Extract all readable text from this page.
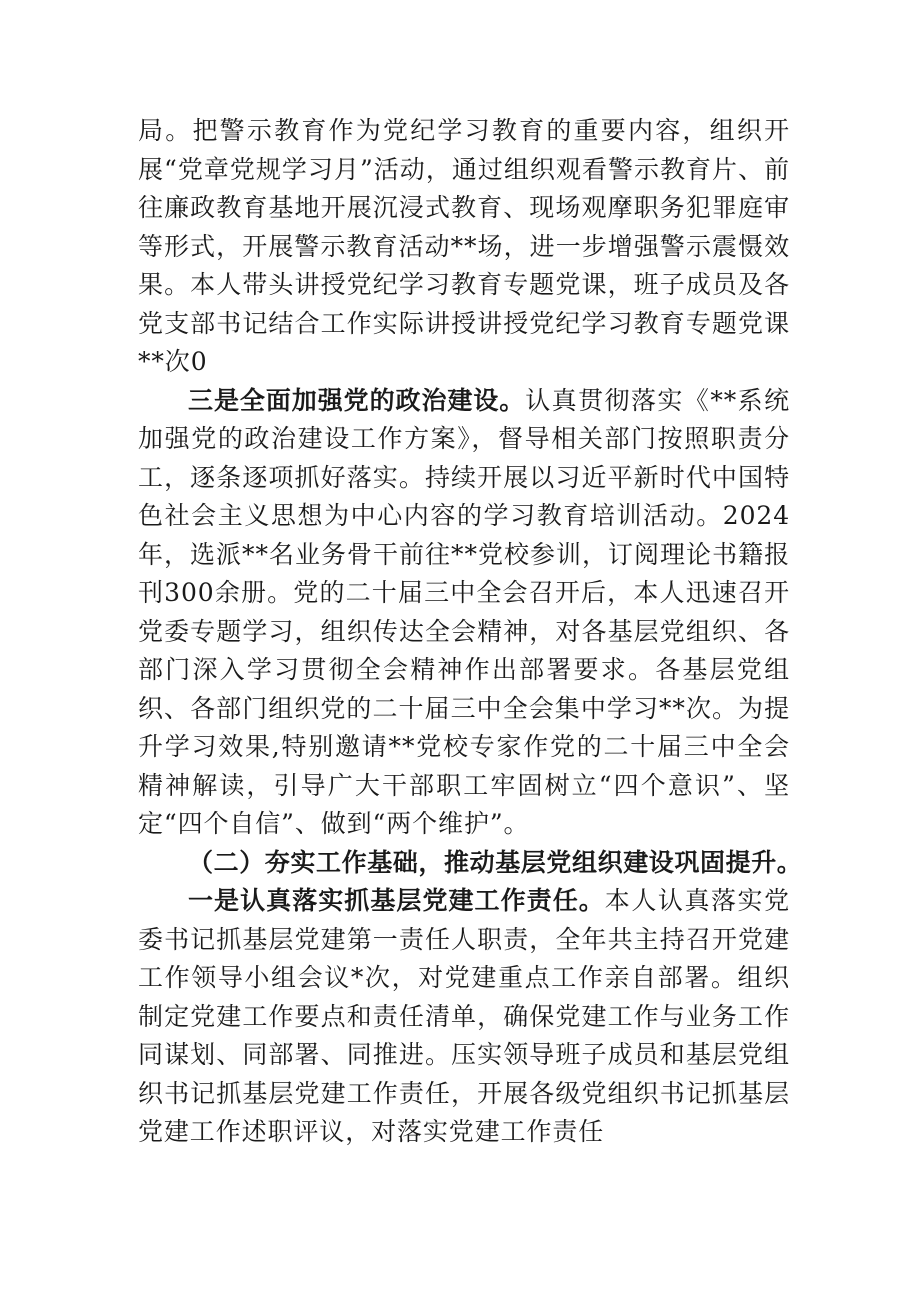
局。把警示教育作为党纪学习教育的重要内容，组织开展“党章党规学习月”活动，通过组织观看警示教育片、前往廉政教育基地开展沉浸式教育、现场观摩职务犯罪庭审等形式，开展警示教育活动**场，进一步增强警示震慑效果。本人带头讲授党纪学习教育专题党课，班子成员及各党支部书记结合工作实际讲授讲授党纪学习教育专题党课**次0

三是全面加强党的政治建设。认真贯彻落实《**系统加强党的政治建设工作方案》，督导相关部门按照职责分工，逐条逐项抓好落实。持续开展以习近平新时代中国特色社会主义思想为中心内容的学习教育培训活动。2024年，选派**名业务骨干前往**党校参训，订阅理论书籍报刊300余册。党的二十届三中全会召开后，本人迅速召开党委专题学习，组织传达全会精神，对各基层党组织、各部门深入学习贯彻全会精神作出部署要求。各基层党组织、各部门组织党的二十届三中全会集中学习**次。为提升学习效果,特别邀请**党校专家作党的二十届三中全会精神解读，引导广大干部职工牢固树立“四个意识”、坚定“四个自信”、做到“两个维护”。

（二）夯实工作基础，推动基层党组织建设巩固提升。

一是认真落实抓基层党建工作责任。本人认真落实党委书记抓基层党建第一责任人职责，全年共主持召开党建工作领导小组会议*次，对党建重点工作亲自部署。组织制定党建工作要点和责任清单，确保党建工作与业务工作同谋划、同部署、同推进。压实领导班子成员和基层党组织书记抓基层党建工作责任，开展各级党组织书记抓基层党建工作述职评议，对落实党建工作责任
